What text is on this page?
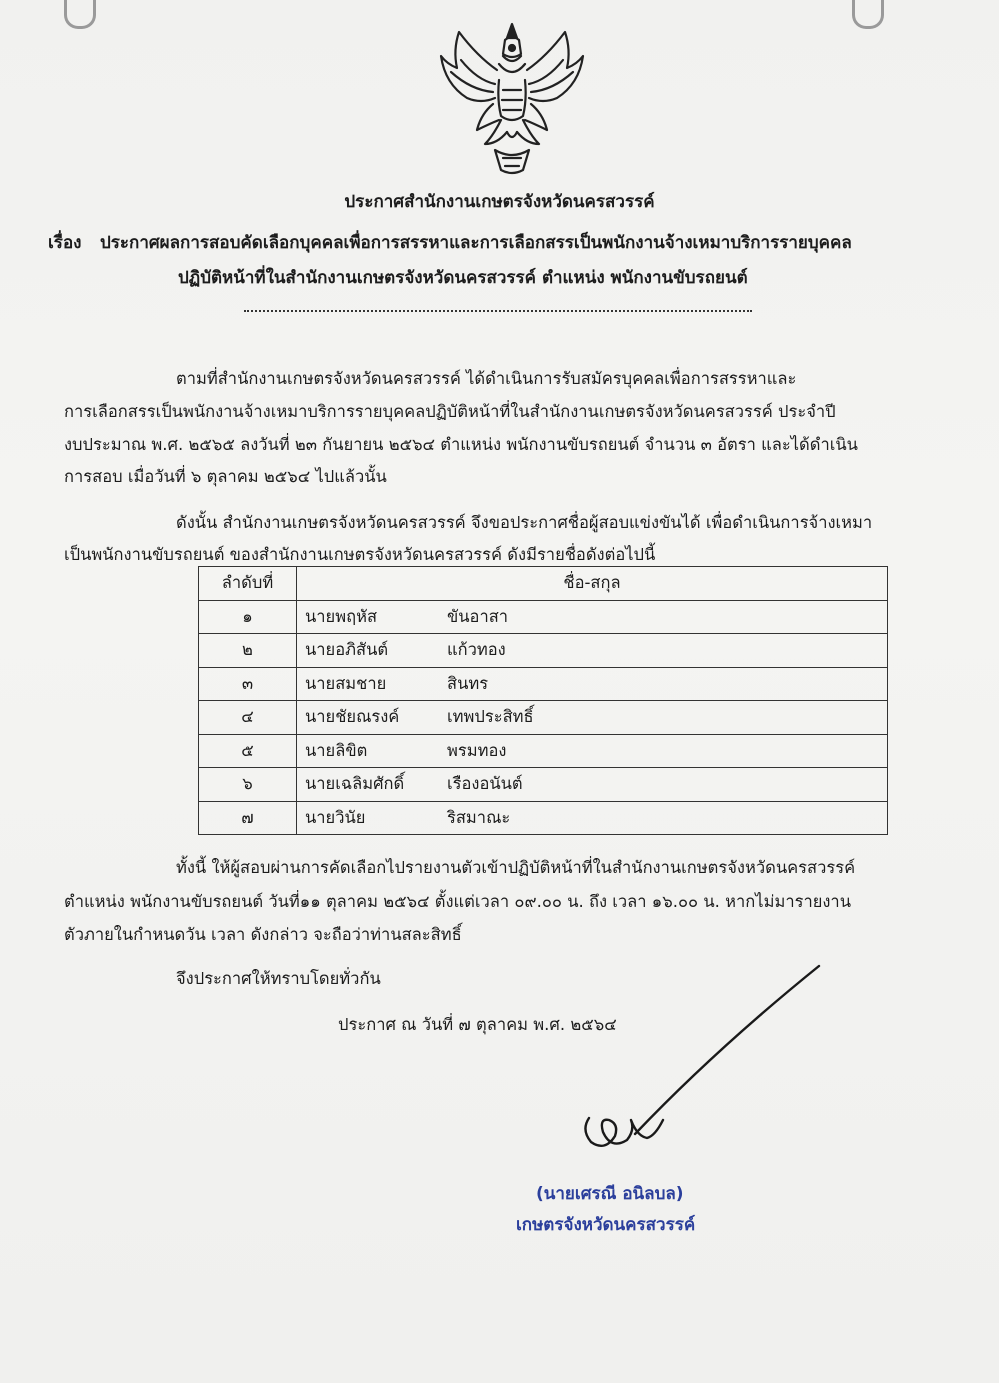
ประกาศสำนักงานเกษตรจังหวัดนครสวรรค์
เรื่อง ประกาศผลการสอบคัดเลือกบุคคลเพื่อการสรรหาและการเลือกสรรเป็นพนักงานจ้างเหมาบริการรายบุคคล
ปฏิบัติหน้าที่ในสำนักงานเกษตรจังหวัดนครสวรรค์ ตำแหน่ง พนักงานขับรถยนต์
ตามที่สำนักงานเกษตรจังหวัดนครสวรรค์ ได้ดำเนินการรับสมัครบุคคลเพื่อการสรรหาและ
การเลือกสรรเป็นพนักงานจ้างเหมาบริการรายบุคคลปฏิบัติหน้าที่ในสำนักงานเกษตรจังหวัดนครสวรรค์ ประจำปี
งบประมาณ พ.ศ. ๒๕๖๕ ลงวันที่ ๒๓ กันยายน ๒๕๖๔ ตำแหน่ง พนักงานขับรถยนต์ จำนวน ๓ อัตรา และได้ดำเนิน
การสอบ เมื่อวันที่ ๖ ตุลาคม ๒๕๖๔ ไปแล้วนั้น
ดังนั้น สำนักงานเกษตรจังหวัดนครสวรรค์ จึงขอประกาศชื่อผู้สอบแข่งขันได้ เพื่อดำเนินการจ้างเหมา
เป็นพนักงานขับรถยนต์ ของสำนักงานเกษตรจังหวัดนครสวรรค์ ดังมีรายชื่อดังต่อไปนี้
ลำดับที่	ชื่อ-สกุล
๑	นายพฤหัส ขันอาสา
๒	นายอภิสันต์ แก้วทอง
๓	นายสมชาย สินทร
๔	นายชัยณรงค์ เทพประสิทธิ์
๕	นายลิขิต พรมทอง
๖	นายเฉลิมศักดิ์ เรืองอนันต์
๗	นายวินัย ริสมาณะ
ทั้งนี้ ให้ผู้สอบผ่านการคัดเลือกไปรายงานตัวเข้าปฏิบัติหน้าที่ในสำนักงานเกษตรจังหวัดนครสวรรค์
ตำแหน่ง พนักงานขับรถยนต์ วันที่๑๑ ตุลาคม ๒๕๖๔ ตั้งแต่เวลา ๐๙.๐๐ น. ถึง เวลา ๑๖.๐๐ น. หากไม่มารายงาน
ตัวภายในกำหนดวัน เวลา ดังกล่าว จะถือว่าท่านสละสิทธิ์
จึงประกาศให้ทราบโดยทั่วกัน
ประกาศ ณ วันที่ ๗ ตุลาคม พ.ศ. ๒๕๖๔
(นายเศรณี อนิลบล)
เกษตรจังหวัดนครสวรรค์
